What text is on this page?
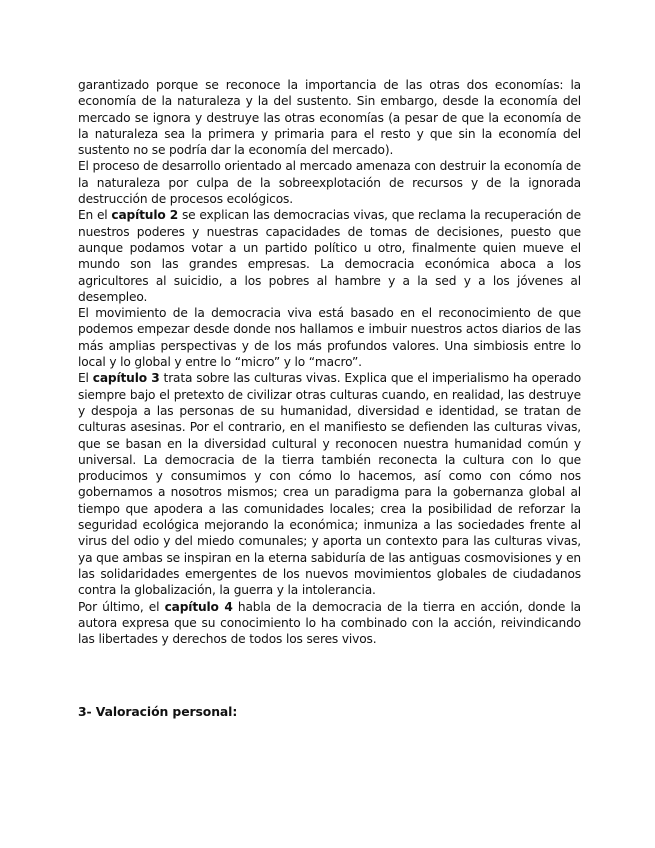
garantizado porque se reconoce la importancia de las otras dos economías: la economía de la naturaleza y la del sustento. Sin embargo, desde la economía del mercado se ignora y destruye las otras economías (a pesar de que la economía de la naturaleza sea la primera y primaria para el resto y que sin la economía del sustento no se podría dar la economía del mercado).

El proceso de desarrollo orientado al mercado amenaza con destruir la economía de la naturaleza por culpa de la sobreexplotación de recursos y de la ignorada destrucción de procesos ecológicos.

En el capítulo 2 se explican las democracias vivas, que reclama la recuperación de nuestros poderes y nuestras capacidades de tomas de decisiones, puesto que aunque podamos votar a un partido político u otro, finalmente quien mueve el mundo son las grandes empresas. La democracia económica aboca a los agricultores al suicidio, a los pobres al hambre y a la sed y a los jóvenes al desempleo.

El movimiento de la democracia viva está basado en el reconocimiento de que podemos empezar desde donde nos hallamos e imbuir nuestros actos diarios de las más amplias perspectivas y de los más profundos valores. Una simbiosis entre lo local y lo global y entre lo “micro” y lo “macro”.

El capítulo 3 trata sobre las culturas vivas. Explica que el imperialismo ha operado siempre bajo el pretexto de civilizar otras culturas cuando, en realidad, las destruye y despoja a las personas de su humanidad, diversidad e identidad, se tratan de culturas asesinas. Por el contrario, en el manifiesto se defienden las culturas vivas, que se basan en la diversidad cultural y reconocen nuestra humanidad común y universal. La democracia de la tierra también reconecta la cultura con lo que producimos y consumimos y con cómo lo hacemos, así como con cómo nos gobernamos a nosotros mismos; crea un paradigma para la gobernanza global al tiempo que apodera a las comunidades locales; crea la posibilidad de reforzar la seguridad ecológica mejorando la económica; inmuniza a las sociedades frente al virus del odio y del miedo comunales; y aporta un contexto para las culturas vivas, ya que ambas se inspiran en la eterna sabiduría de las antiguas cosmovisiones y en las solidaridades emergentes de los nuevos movimientos globales de ciudadanos contra la globalización, la guerra y la intolerancia.

Por último, el capítulo 4 habla de la democracia de la tierra en acción, donde la autora expresa que su conocimiento lo ha combinado con la acción, reivindicando las libertades y derechos de todos los seres vivos.

3- Valoración personal:
